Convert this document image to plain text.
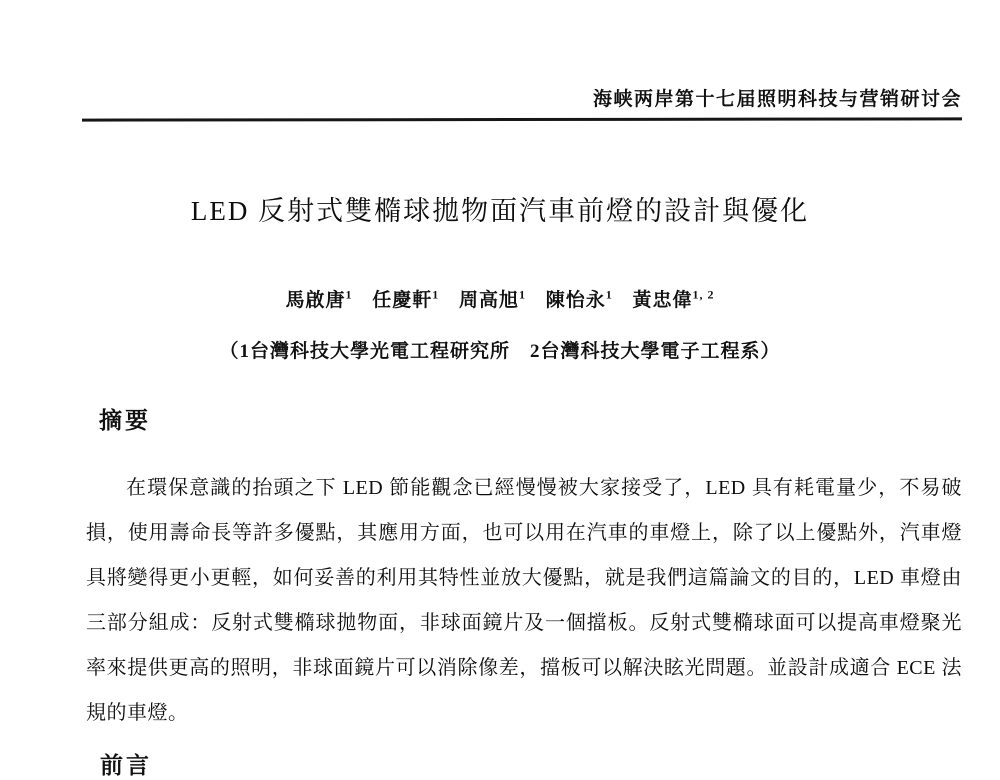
海峡两岸第十七届照明科技与营销研讨会
LED 反射式雙橢球拋物面汽車前燈的設計與優化
馬啟唐$^1$ 任慶軒$^1$ 周高旭$^1$ 陳怡永$^1$ 黃忠偉$^{1, 2}$
（1台灣科技大學光電工程研究所　2台灣科技大學電子工程系）
摘要

在環保意識的抬頭之下 LED 節能觀念已經慢慢被大家接受了，LED 具有耗電量少，不易破損，使用壽命長等許多優點，其應用方面，也可以用在汽車的車燈上，除了以上優點外，汽車燈具將變得更小更輕，如何妥善的利用其特性並放大優點，就是我們這篇論文的目的，LED 車燈由三部分組成：反射式雙橢球拋物面，非球面鏡片及一個擋板。反射式雙橢球面可以提高車燈聚光率來提供更高的照明，非球面鏡片可以消除像差，擋板可以解決眩光問題。並設計成適合 ECE 法規的車燈。

前言
